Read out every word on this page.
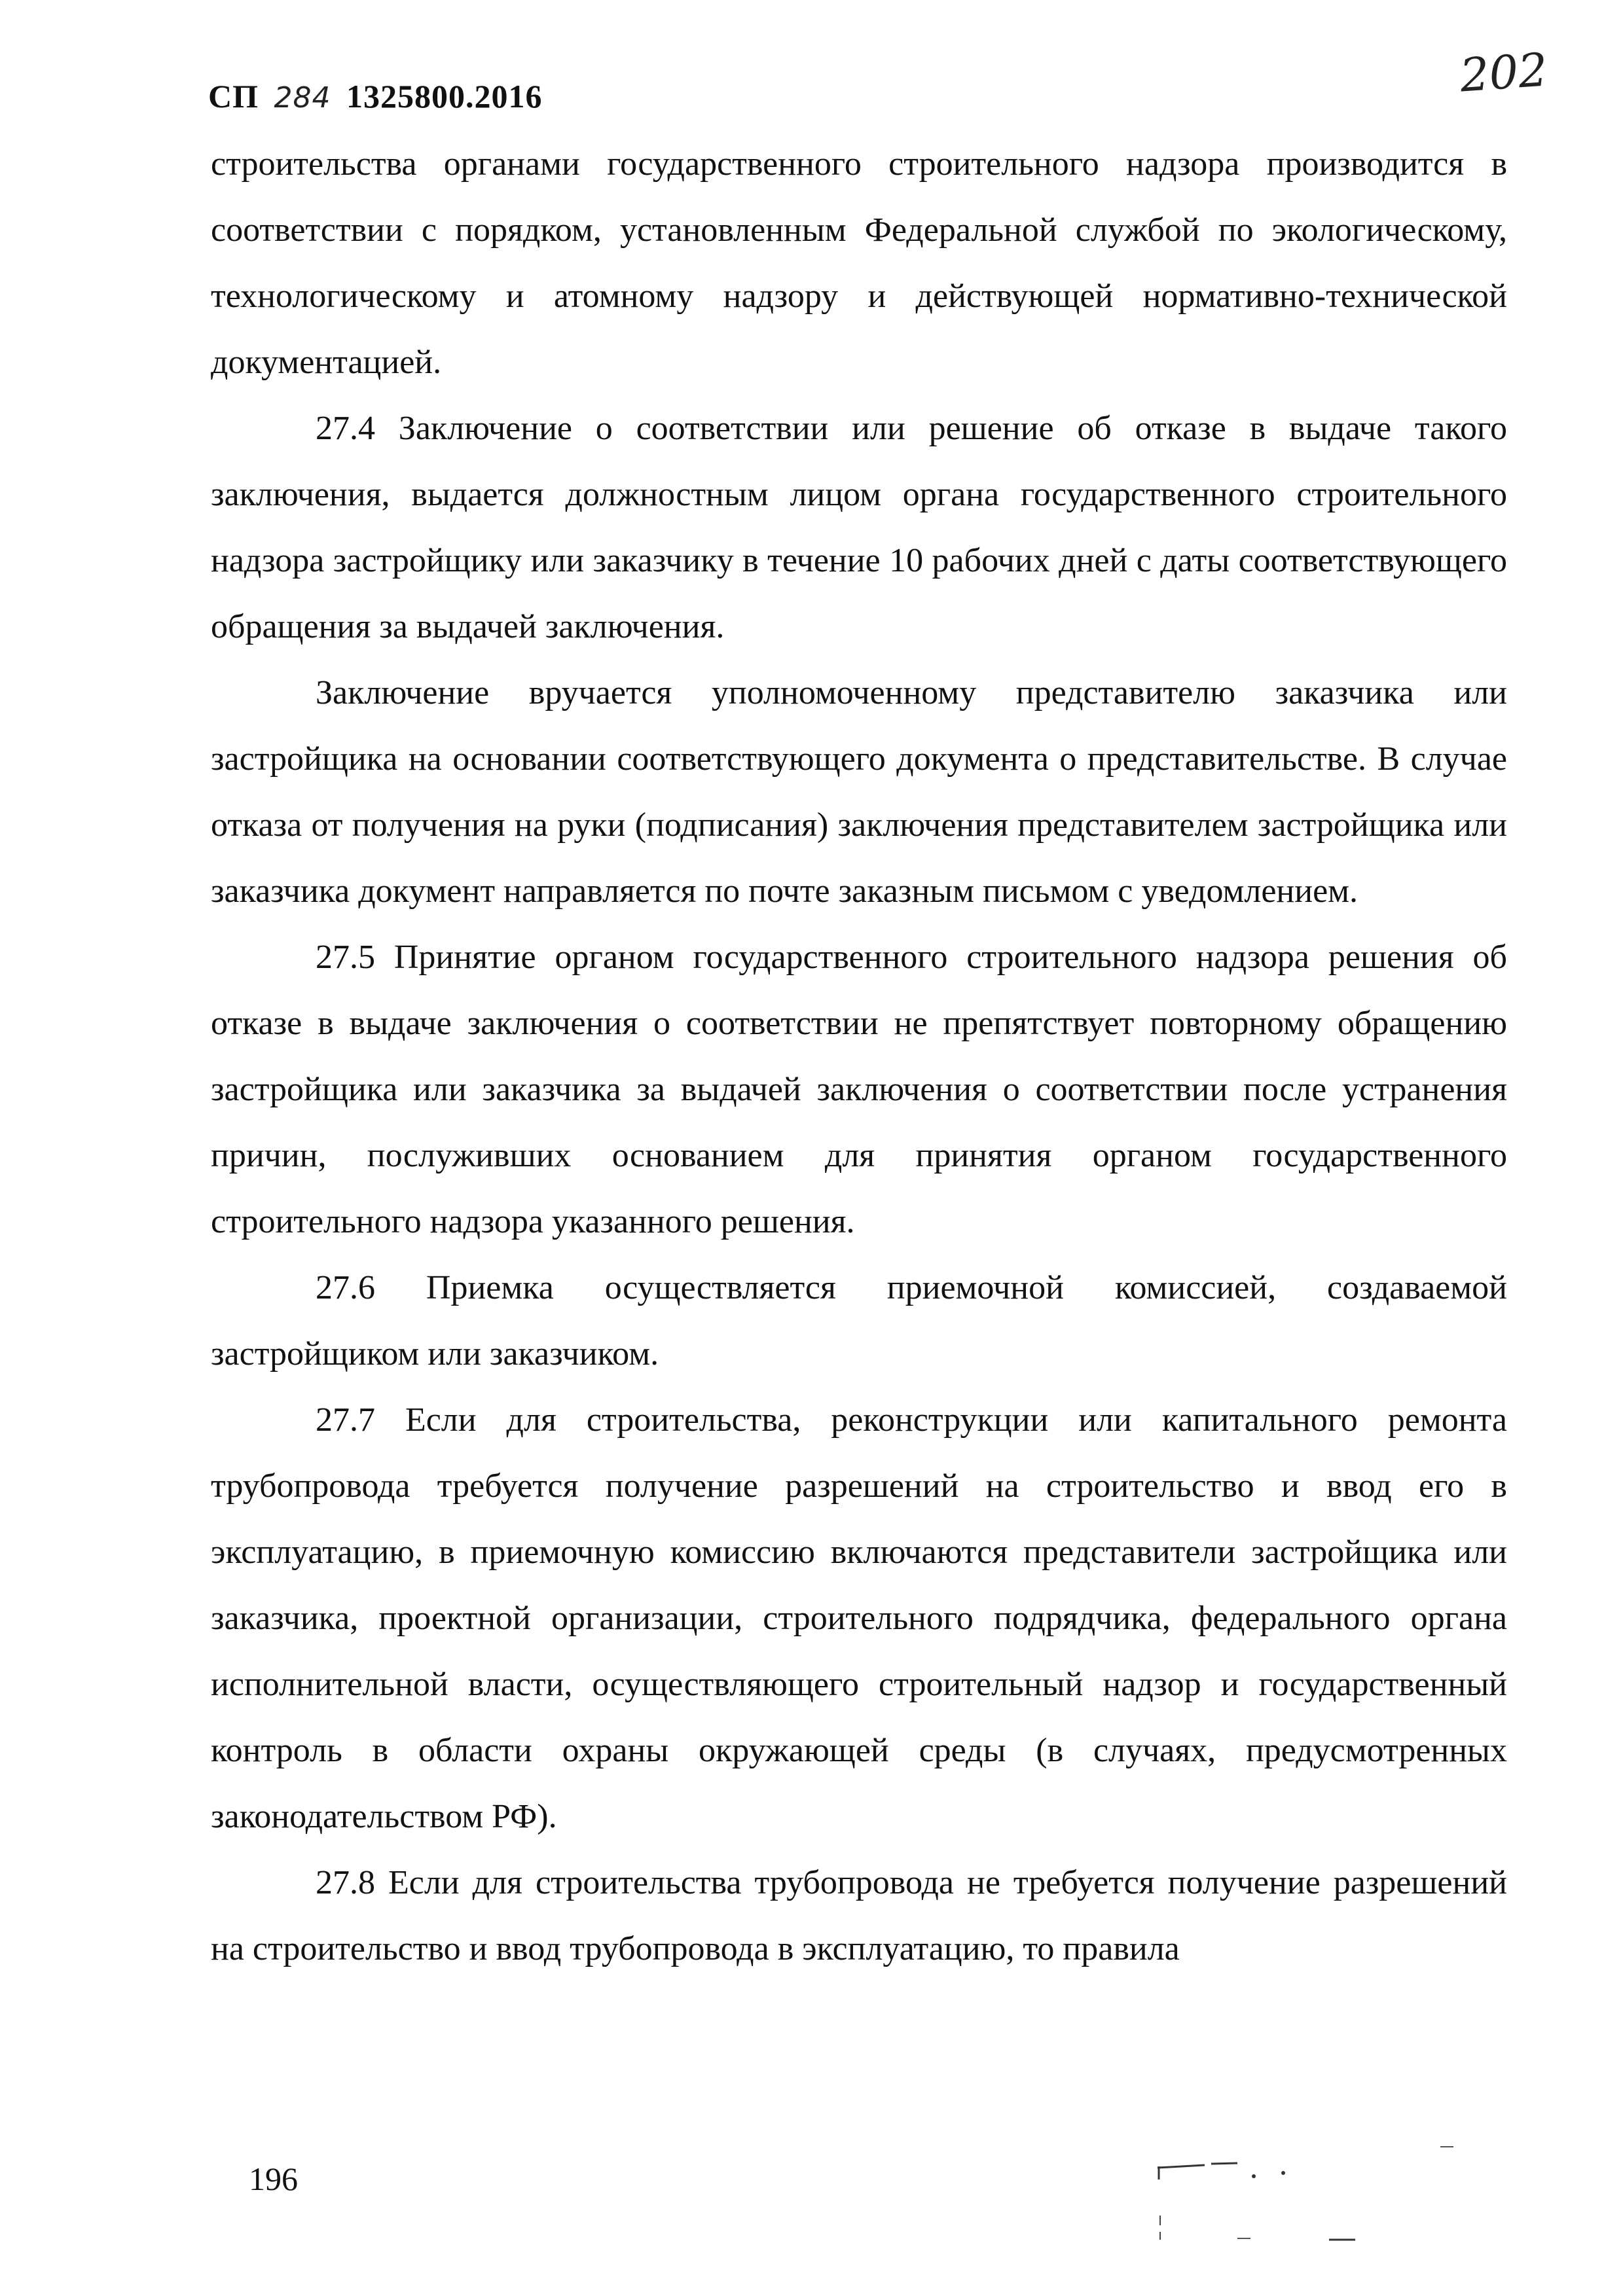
СП 284 1325800.2016	202

строительства органами государственного строительного надзора производится в соответствии с порядком, установленным Федеральной службой по экологическому, технологическому и атомному надзору и действующей нормативно-технической документацией.

27.4 Заключение о соответствии или решение об отказе в выдаче такого заключения, выдается должностным лицом органа государственного строительного надзора застройщику или заказчику в течение 10 рабочих дней с даты соответствующего обращения за выдачей заключения.

Заключение вручается уполномоченному представителю заказчика или застройщика на основании соответствующего документа о представительстве. В случае отказа от получения на руки (подписания) заключения представителем застройщика или заказчика документ направляется по почте заказным письмом с уведомлением.

27.5 Принятие органом государственного строительного надзора решения об отказе в выдаче заключения о соответствии не препятствует повторному обращению застройщика или заказчика за выдачей заключения о соответствии после устранения причин, послуживших основанием для принятия органом государственного строительного надзора указанного решения.

27.6 Приемка осуществляется приемочной комиссией, создаваемой застройщиком или заказчиком.

27.7 Если для строительства, реконструкции или капитального ремонта трубопровода требуется получение разрешений на строительство и ввод его в эксплуатацию, в приемочную комиссию включаются представители застройщика или заказчика, проектной организации, строительного подрядчика, федерального органа исполнительной власти, осуществляющего строительный надзор и государственный контроль в области охраны окружающей среды (в случаях, предусмотренных законодательством РФ).

27.8 Если для строительства трубопровода не требуется получение разрешений на строительство и ввод трубопровода в эксплуатацию, то правила

196
